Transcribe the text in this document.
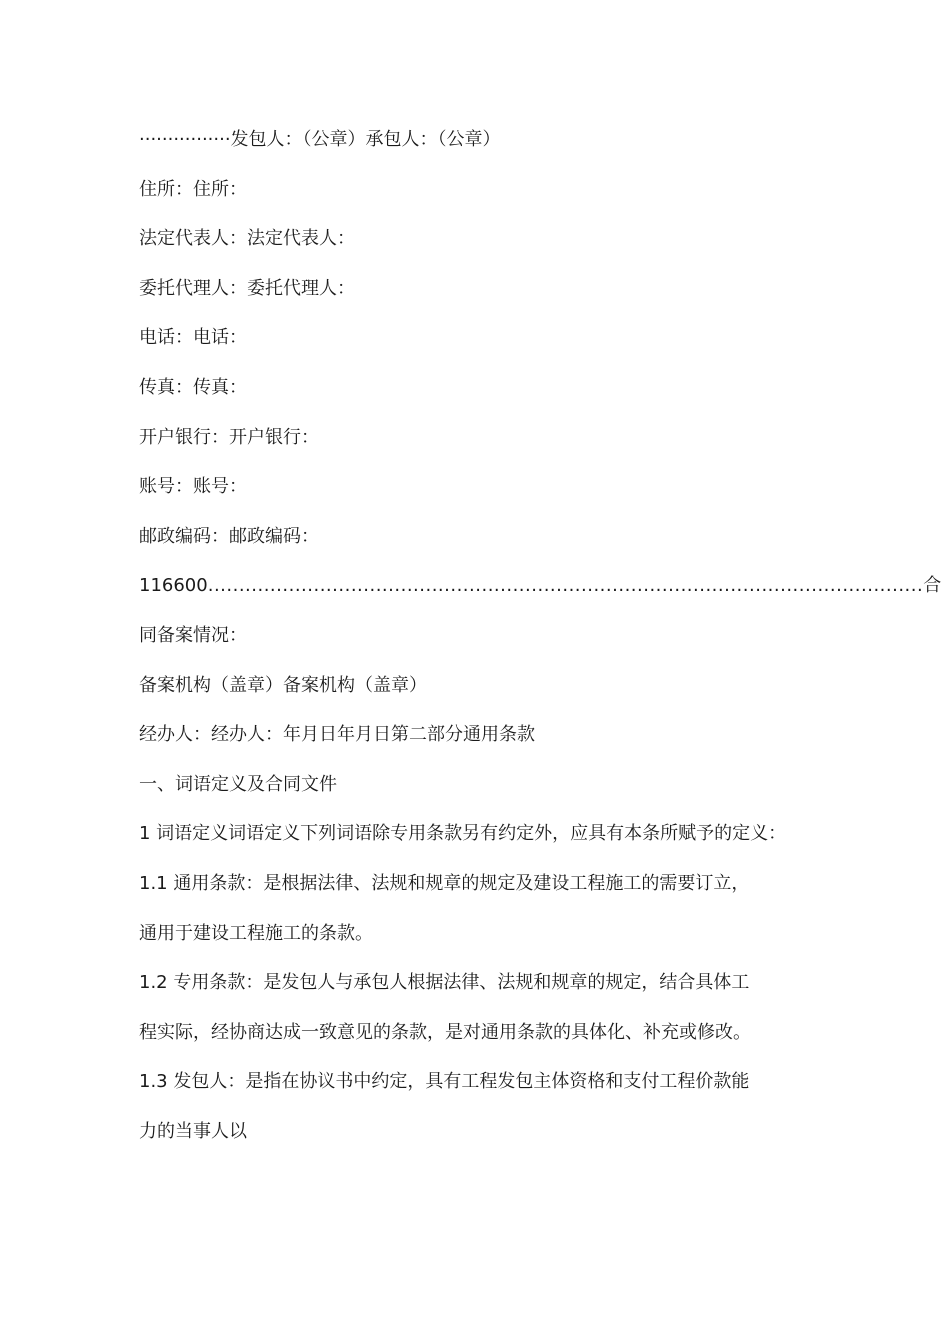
················发包人：（公章）承包人：（公章）
住所：住所：
法定代表人：法定代表人：
委托代理人：委托代理人：
电话：电话：
传真：传真：
开户银行：开户银行：
账号：账号：
邮政编码：邮政编码：
116600 ................................................................................................................... 合
同备案情况：
备案机构（盖章）备案机构（盖章）
经办人：经办人：年月日年月日第二部分通用条款
一、词语定义及合同文件
1 词语定义词语定义下列词语除专用条款另有约定外，应具有本条所赋予的定义：
1.1 通用条款：是根据法律、法规和规章的规定及建设工程施工的需要订立，
通用于建设工程施工的条款。
1.2 专用条款：是发包人与承包人根据法律、法规和规章的规定，结合具体工
程实际，经协商达成一致意见的条款，是对通用条款的具体化、补充或修改。
1.3 发包人：是指在协议书中约定，具有工程发包主体资格和支付工程价款能
力的当事人以
